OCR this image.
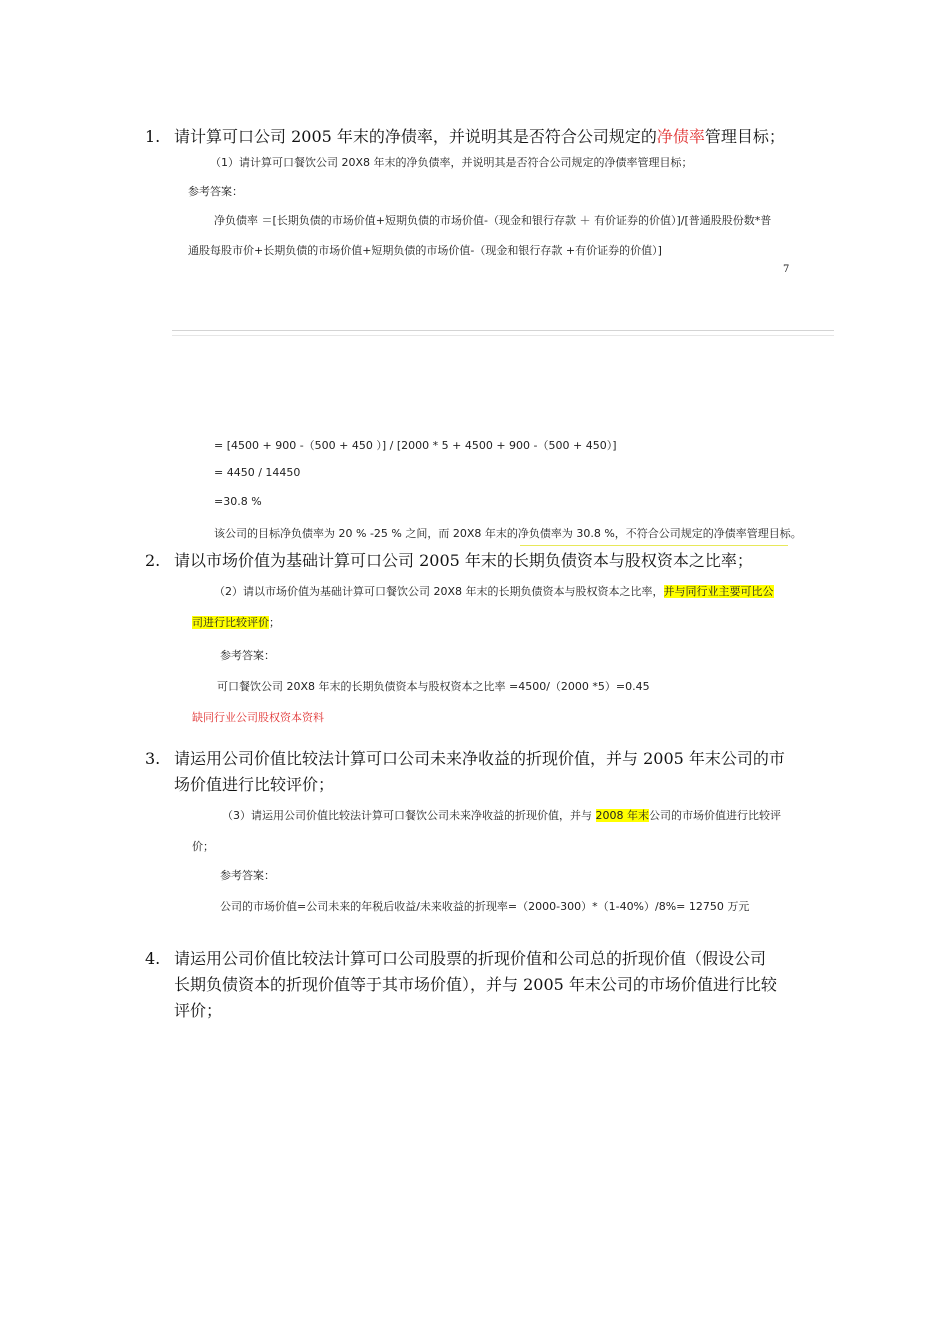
1. 请计算可口公司 2005 年末的净债率，并说明其是否符合公司规定的净债率管理目标；
（1）请计算可口餐饮公司 20X8 年末的净负债率，并说明其是否符合公司规定的净债率管理目标；
参考答案：
净负债率 ＝[长期负债的市场价值+短期负债的市场价值-（现金和银行存款 ＋ 有价证券的价值）]/[普通股股份数*普
通股每股市价+长期负债的市场价值+短期负债的市场价值-（现金和银行存款 +有价证券的价值）]
7
= [4500 + 900 -（500 + 450 ）] / [2000 * 5 + 4500 + 900 -（500 + 450）]
= 4450 / 14450
=30.8 %
该公司的目标净负债率为 20 % -25 % 之间，而 20X8 年末的净负债率为 30.8 %，不符合公司规定的净债率管理目标。
2. 请以市场价值为基础计算可口公司 2005 年末的长期负债资本与股权资本之比率；
（2）请以市场价值为基础计算可口餐饮公司 20X8 年末的长期负债资本与股权资本之比率，并与同行业主要可比公
司进行比较评价；
参考答案：
可口餐饮公司 20X8 年末的长期负债资本与股权资本之比率 =4500/（2000 *5）=0.45
缺同行业公司股权资本资料
3. 请运用公司价值比较法计算可口公司未来净收益的折现价值，并与 2005 年末公司的市
场价值进行比较评价；
（3）请运用公司价值比较法计算可口餐饮公司未来净收益的折现价值，并与 2008 年末公司的市场价值进行比较评
价；
参考答案：
公司的市场价值=公司未来的年税后收益/未来收益的折现率=（2000-300）*（1-40%）/8%= 12750 万元
4. 请运用公司价值比较法计算可口公司股票的折现价值和公司总的折现价值（假设公司
长期负债资本的折现价值等于其市场价值），并与 2005 年末公司的市场价值进行比较
评价；
